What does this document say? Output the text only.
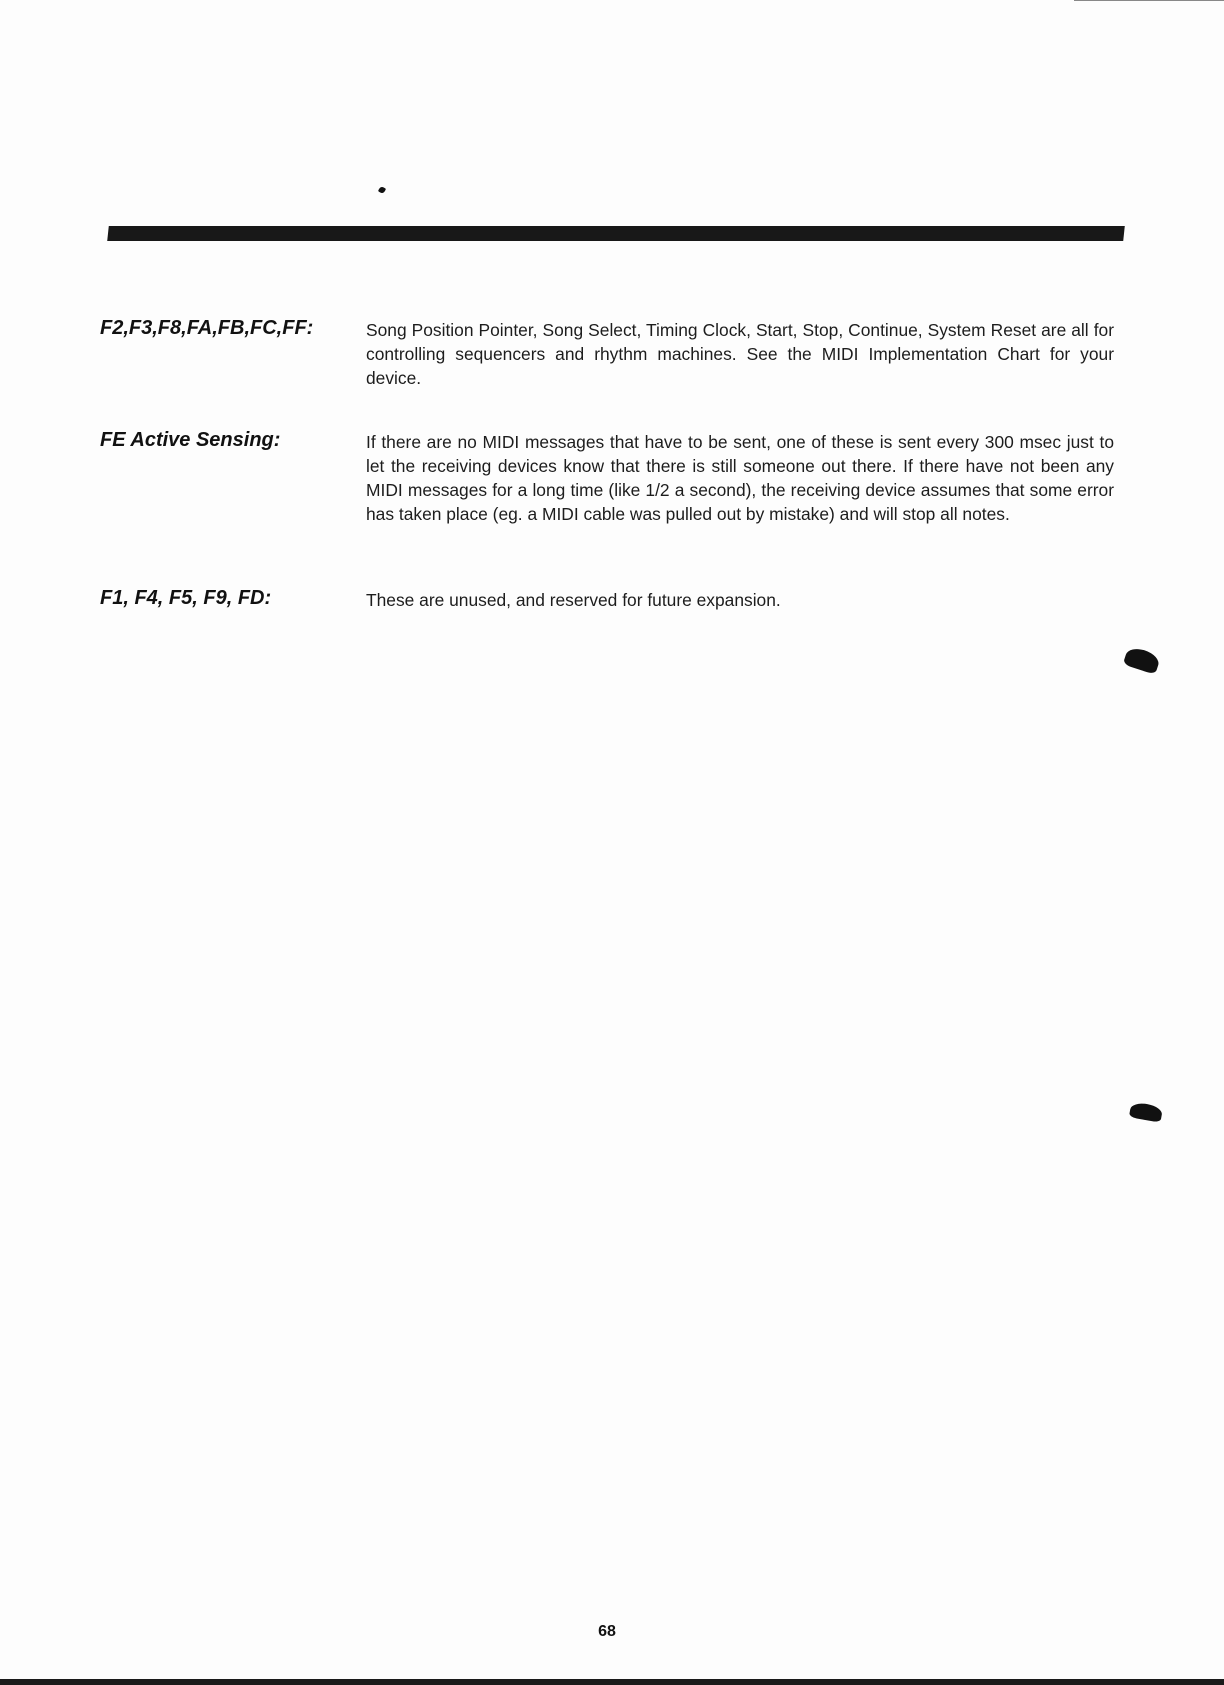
F2,F3,F8,FA,FB,FC,FF:	Song Position Pointer, Song Select, Timing Clock, Start, Stop, Continue, System Reset are all for controlling sequencers and rhythm machines. See the MIDI Implementation Chart for your device.
FE Active Sensing:	If there are no MIDI messages that have to be sent, one of these is sent every 300 msec just to let the receiving devices know that there is still someone out there. If there have not been any MIDI messages for a long time (like 1/2 a second), the receiving device assumes that some error has taken place (eg. a MIDI cable was pulled out by mistake) and will stop all notes.
F1, F4, F5, F9, FD:	These are unused, and reserved for future expansion.
68
